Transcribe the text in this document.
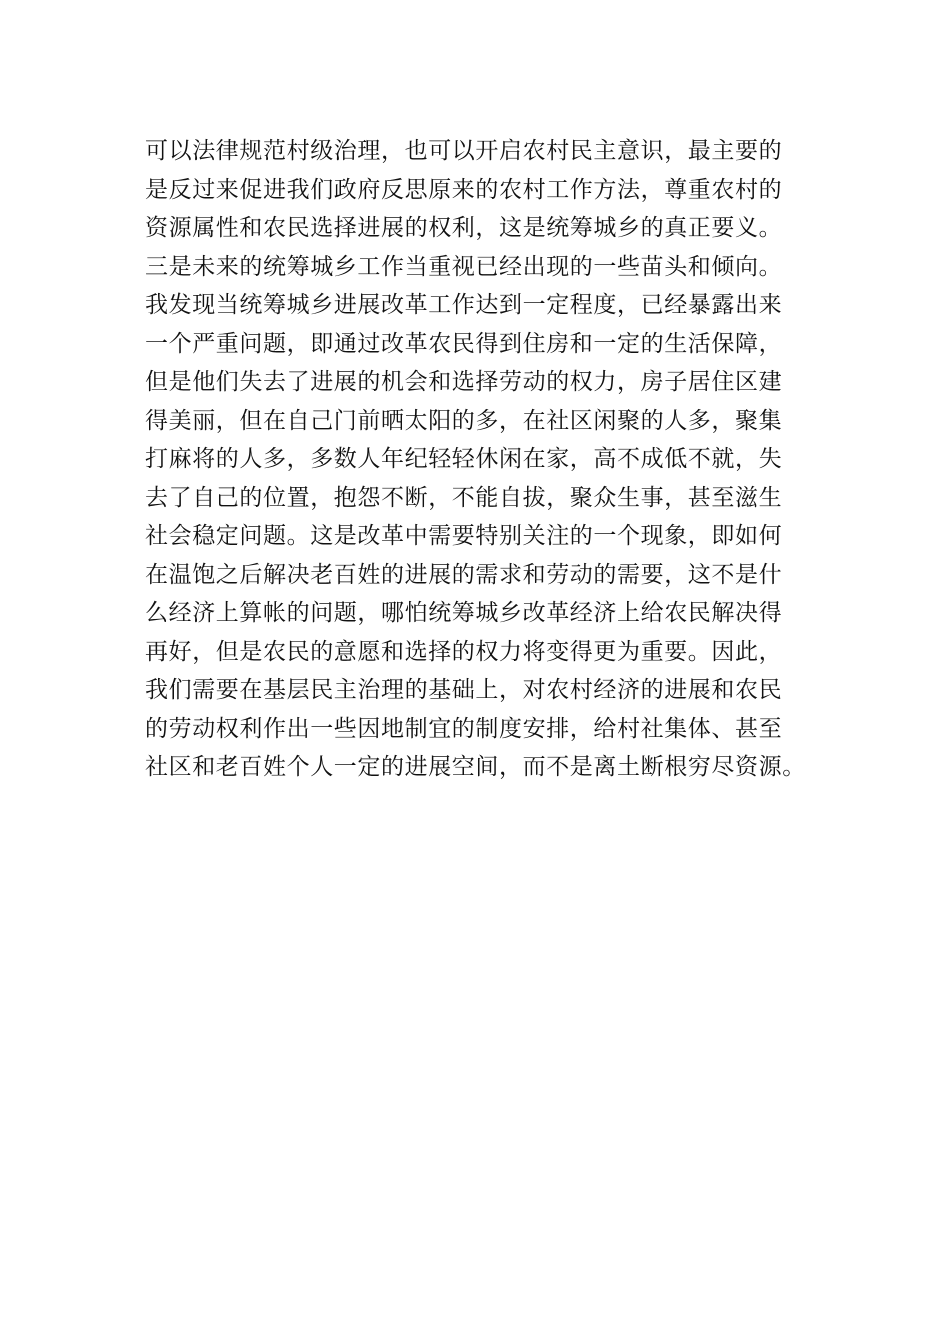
可以法律规范村级治理，也可以开启农村民主意识，最主要的
是反过来促进我们政府反思原来的农村工作方法，尊重农村的
资源属性和农民选择进展的权利，这是统筹城乡的真正要义。
三是未来的统筹城乡工作当重视已经出现的一些苗头和倾向。
我发现当统筹城乡进展改革工作达到一定程度，已经暴露出来
一个严重问题，即通过改革农民得到住房和一定的生活保障，
但是他们失去了进展的机会和选择劳动的权力，房子居住区建
得美丽，但在自己门前晒太阳的多，在社区闲聚的人多，聚集
打麻将的人多，多数人年纪轻轻休闲在家，高不成低不就，失
去了自己的位置，抱怨不断，不能自拔，聚众生事，甚至滋生
社会稳定问题。这是改革中需要特别关注的一个现象，即如何
在温饱之后解决老百姓的进展的需求和劳动的需要，这不是什
么经济上算帐的问题，哪怕统筹城乡改革经济上给农民解决得
再好，但是农民的意愿和选择的权力将变得更为重要。因此，
我们需要在基层民主治理的基础上，对农村经济的进展和农民
的劳动权利作出一些因地制宜的制度安排，给村社集体、甚至
社区和老百姓个人一定的进展空间，而不是离土断根穷尽资源。
